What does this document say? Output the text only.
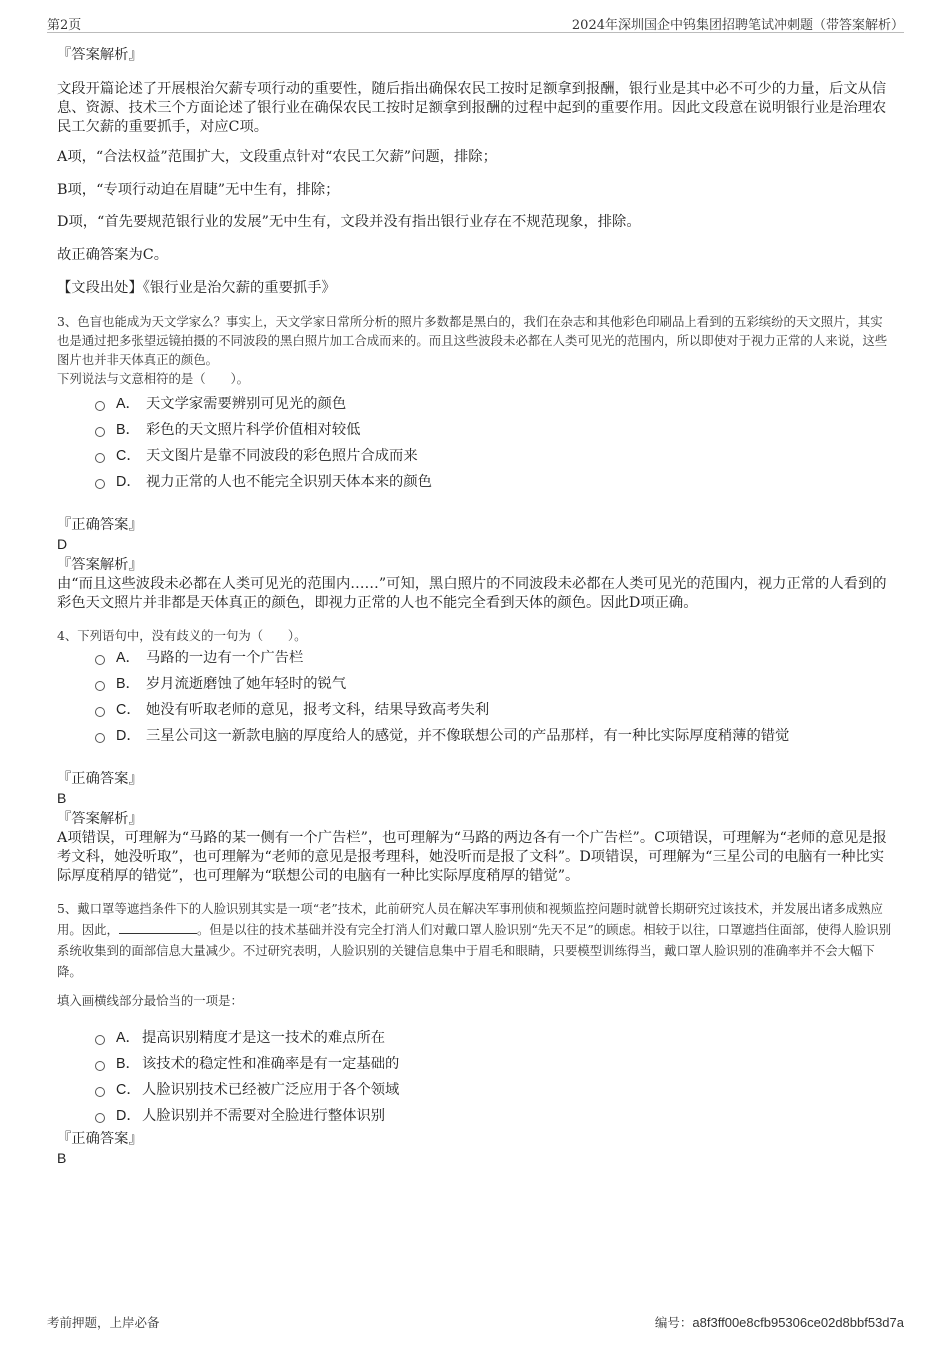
第2页	2024年深圳国企中钨集团招聘笔试冲刺题（带答案解析）
『答案解析』

文段开篇论述了开展根治欠薪专项行动的重要性，随后指出确保农民工按时足额拿到报酬，银行业是其中必不可少的力量，后文从信息、资源、技术三个方面论述了银行业在确保农民工按时足额拿到报酬的过程中起到的重要作用。因此文段意在说明银行业是治理农民工欠薪的重要抓手，对应C项。

A项，“合法权益”范围扩大，文段重点针对“农民工欠薪”问题，排除；

B项，“专项行动迫在眉睫”无中生有，排除；

D项，“首先要规范银行业的发展”无中生有，文段并没有指出银行业存在不规范现象，排除。

故正确答案为C。

【文段出处】《银行业是治欠薪的重要抓手》

3、色盲也能成为天文学家么？事实上，天文学家日常所分析的照片多数都是黑白的，我们在杂志和其他彩色印刷品上看到的五彩缤纷的天文照片，其实也是通过把多张望远镜拍摄的不同波段的黑白照片加工合成而来的。而且这些波段未必都在人类可见光的范围内，所以即使对于视力正常的人来说，这些图片也并非天体真正的颜色。

下列说法与文意相符的是（　　）。

A． 天文学家需要辨别可见光的颜色
B． 彩色的天文照片科学价值相对较低
C． 天文图片是靠不同波段的彩色照片合成而来
D． 视力正常的人也不能完全识别天体本来的颜色
『正确答案』
D
『答案解析』

由“而且这些波段未必都在人类可见光的范围内……”可知，黑白照片的不同波段未必都在人类可见光的范围内，视力正常的人看到的彩色天文照片并非都是天体真正的颜色，即视力正常的人也不能完全看到天体的颜色。因此D项正确。

4、下列语句中，没有歧义的一句为（　　）。

A． 马路的一边有一个广告栏
B． 岁月流逝磨蚀了她年轻时的锐气
C． 她没有听取老师的意见，报考文科，结果导致高考失利
D． 三星公司这一新款电脑的厚度给人的感觉，并不像联想公司的产品那样，有一种比实际厚度稍薄的错觉
『正确答案』
B
『答案解析』

A项错误，可理解为“马路的某一侧有一个广告栏”，也可理解为“马路的两边各有一个广告栏”。C项错误，可理解为“老师的意见是报考文科，她没听取”，也可理解为“老师的意见是报考理科，她没听而是报了文科”。D项错误，可理解为“三星公司的电脑有一种比实际厚度稍厚的错觉”，也可理解为“联想公司的电脑有一种比实际厚度稍厚的错觉”。

5、戴口罩等遮挡条件下的人脸识别其实是一项“老”技术，此前研究人员在解决军事刑侦和视频监控问题时就曾长期研究过该技术，并发展出诸多成熟应用。因此，	。但是以往的技术基础并没有完全打消人们对戴口罩人脸识别“先天不足”的顾虑。相较于以往，口罩遮挡住面部，使得人脸识别系统收集到的面部信息大量减少。不过研究表明，人脸识别的关键信息集中于眉毛和眼睛，只要模型训练得当，戴口罩人脸识别的准确率并不会大幅下降。

填入画横线部分最恰当的一项是：

A． 提高识别精度才是这一技术的难点所在
B． 该技术的稳定性和准确率是有一定基础的
C． 人脸识别技术已经被广泛应用于各个领域
D． 人脸识别并不需要对全脸进行整体识别
『正确答案』
B
考前押题，上岸必备	编号：a8f3ff00e8cfb95306ce02d8bbf53d7a
